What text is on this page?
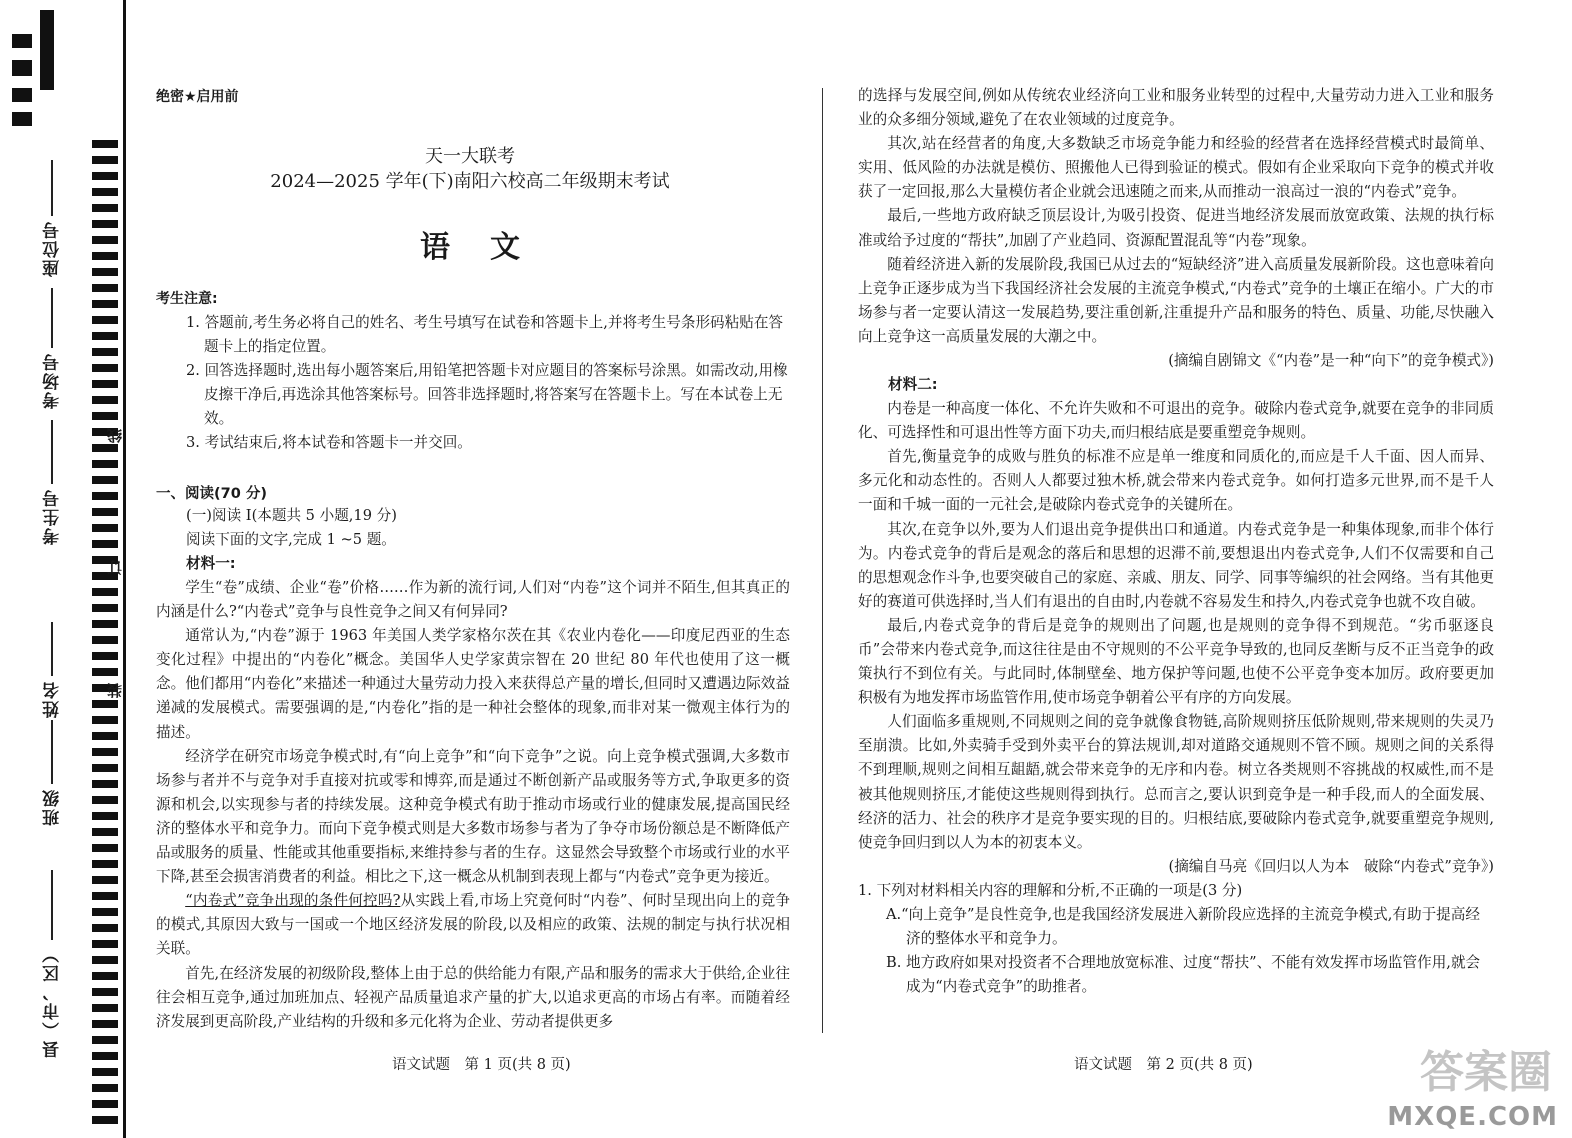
县（市、区）
班级
姓名
考生号
考场号
座位号
线
订
装
绝密★启用前
天一大联考
2024—2025 学年(下)南阳六校高二年级期末考试
语文
考生注意:

1. 答题前,考生务必将自己的姓名、考生号填写在试卷和答题卡上,并将考生号条形码粘贴在答题卡上的指定位置。

2. 回答选择题时,选出每小题答案后,用铅笔把答题卡对应题目的答案标号涂黑。如需改动,用橡皮擦干净后,再选涂其他答案标号。回答非选择题时,将答案写在答题卡上。写在本试卷上无效。

3. 考试结束后,将本试卷和答题卡一并交回。

一、阅读(70 分)

(一)阅读 I(本题共 5 小题,19 分)

阅读下面的文字,完成 1 ~5 题。

材料一:

学生“卷”成绩、企业“卷”价格……作为新的流行词,人们对“内卷”这个词并不陌生,但其真正的内涵是什么?“内卷式”竞争与良性竞争之间又有何异同?

通常认为,“内卷”源于 1963 年美国人类学家格尔茨在其《农业内卷化——印度尼西亚的生态变化过程》中提出的“内卷化”概念。美国华人史学家黄宗智在 20 世纪 80 年代也使用了这一概念。他们都用“内卷化”来描述一种通过大量劳动力投入来获得总产量的增长,但同时又遭遇边际效益递减的发展模式。需要强调的是,“内卷化”指的是一种社会整体的现象,而非对某一微观主体行为的描述。

经济学在研究市场竞争模式时,有“向上竞争”和“向下竞争”之说。向上竞争模式强调,大多数市场参与者并不与竞争对手直接对抗或零和博弈,而是通过不断创新产品或服务等方式,争取更多的资源和机会,以实现参与者的持续发展。这种竞争模式有助于推动市场或行业的健康发展,提高国民经济的整体水平和竞争力。而向下竞争模式则是大多数市场参与者为了争夺市场份额总是不断降低产品或服务的质量、性能或其他重要指标,来维持参与者的生存。这显然会导致整个市场或行业的水平下降,甚至会损害消费者的利益。相比之下,这一概念从机制到表现上都与“内卷式”竞争更为接近。

“内卷式”竞争出现的条件何控吗?从实践上看,市场上究竟何时“内卷”、何时呈现出向上的竞争的模式,其原因大致与一国或一个地区经济发展的阶段,以及相应的政策、法规的制定与执行状况相关联。

首先,在经济发展的初级阶段,整体上由于总的供给能力有限,产品和服务的需求大于供给,企业往往会相互竞争,通过加班加点、轻视产品质量追求产量的扩大,以追求更高的市场占有率。而随着经济发展到更高阶段,产业结构的升级和多元化将为企业、劳动者提供更多

语文试题　第 1 页(共 8 页)

的选择与发展空间,例如从传统农业经济向工业和服务业转型的过程中,大量劳动力进入工业和服务业的众多细分领域,避免了在农业领域的过度竞争。

其次,站在经营者的角度,大多数缺乏市场竞争能力和经验的经营者在选择经营模式时最简单、实用、低风险的办法就是模仿、照搬他人已得到验证的模式。假如有企业采取向下竞争的模式并收获了一定回报,那么大量模仿者企业就会迅速随之而来,从而推动一浪高过一浪的“内卷式”竞争。

最后,一些地方政府缺乏顶层设计,为吸引投资、促进当地经济发展而放宽政策、法规的执行标准或给予过度的“帮扶”,加剧了产业趋同、资源配置混乱等“内卷”现象。

随着经济进入新的发展阶段,我国已从过去的“短缺经济”进入高质量发展新阶段。这也意味着向上竞争正逐步成为当下我国经济社会发展的主流竞争模式,“内卷式”竞争的土壤正在缩小。广大的市场参与者一定要认清这一发展趋势,要注重创新,注重提升产品和服务的特色、质量、功能,尽快融入向上竞争这一高质量发展的大潮之中。

(摘编自剧锦文《“内卷”是一种“向下”的竞争模式》)

材料二:

内卷是一种高度一体化、不允许失败和不可退出的竞争。破除内卷式竞争,就要在竞争的非同质化、可选择性和可退出性等方面下功夫,而归根结底是要重塑竞争规则。

首先,衡量竞争的成败与胜负的标准不应是单一维度和同质化的,而应是千人千面、因人而异、多元化和动态性的。否则人人都要过独木桥,就会带来内卷式竞争。如何打造多元世界,而不是千人一面和千城一面的一元社会,是破除内卷式竞争的关键所在。

其次,在竞争以外,要为人们退出竞争提供出口和通道。内卷式竞争是一种集体现象,而非个体行为。内卷式竞争的背后是观念的落后和思想的迟滞不前,要想退出内卷式竞争,人们不仅需要和自己的思想观念作斗争,也要突破自己的家庭、亲戚、朋友、同学、同事等编织的社会网络。当有其他更好的赛道可供选择时,当人们有退出的自由时,内卷就不容易发生和持久,内卷式竞争也就不攻自破。

最后,内卷式竞争的背后是竞争的规则出了问题,也是规则的竞争得不到规范。“劣币驱逐良币”会带来内卷式竞争,而这往往是由不守规则的不公平竞争导致的,也同反垄断与反不正当竞争的政策执行不到位有关。与此同时,体制壁垒、地方保护等问题,也使不公平竞争变本加厉。政府要更加积极有为地发挥市场监管作用,使市场竞争朝着公平有序的方向发展。

人们面临多重规则,不同规则之间的竞争就像食物链,高阶规则挤压低阶规则,带来规则的失灵乃至崩溃。比如,外卖骑手受到外卖平台的算法规训,却对道路交通规则不管不顾。规则之间的关系得不到理顺,规则之间相互龃龉,就会带来竞争的无序和内卷。树立各类规则不容挑战的权威性,而不是被其他规则挤压,才能使这些规则得到执行。总而言之,要认识到竞争是一种手段,而人的全面发展、经济的活力、社会的秩序才是竞争要实现的目的。归根结底,要破除内卷式竞争,就要重塑竞争规则,使竞争回归到以人为本的初衷本义。

(摘编自马亮《回归以人为本　破除“内卷式”竞争》)

1. 下列对材料相关内容的理解和分析,不正确的一项是(3 分)

A.“向上竞争”是良性竞争,也是我国经济发展进入新阶段应选择的主流竞争模式,有助于提高经济的整体水平和竞争力。

B. 地方政府如果对投资者不合理地放宽标准、过度“帮扶”、不能有效发挥市场监管作用,就会成为“内卷式竞争”的助推者。

语文试题　第 2 页(共 8 页)	答案圈
MXQE.COM
